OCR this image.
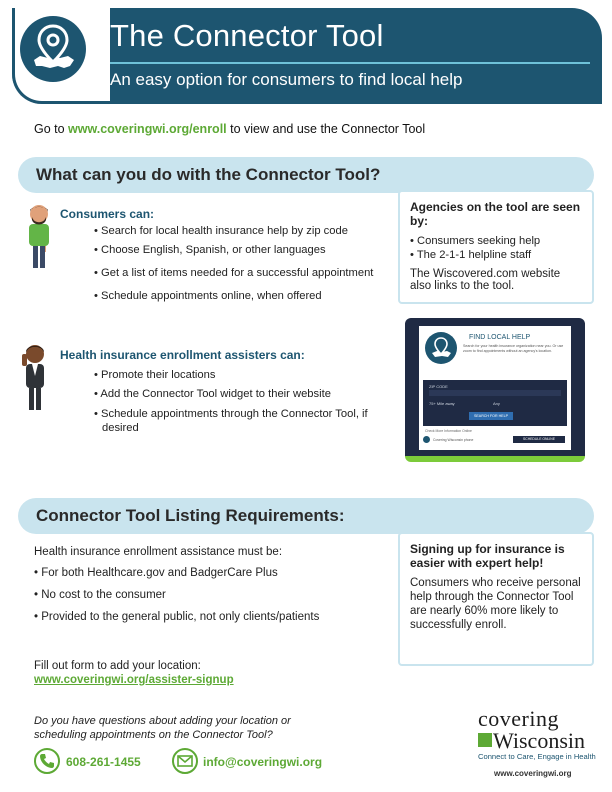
The Connector Tool
An easy option for consumers to find local help
Go to www.coveringwi.org/enroll to view and use the Connector Tool
What can you do with the Connector Tool?
Consumers can:
• Search for local health insurance help by zip code
• Choose English, Spanish, or other languages
• Get a list of items needed for a successful appointment
• Schedule appointments online, when offered
Health insurance enrollment assisters can:
• Promote their locations
• Add the Connector Tool widget to their website
• Schedule appointments through the Connector Tool, if desired
Agencies on the tool are seen by:
• Consumers seeking help
• The 2-1-1 helpline staff
The Wiscovered.com website also links to the tool.
FIND LOCAL HELP
Search for your health insurance organization near you. Or use zoom to find appointments without an agency's location.
ZIP CODE
75+ Mile away	Any
SEARCH FOR HELP
Check More Information Online
Covering Wisconsin phone	SCHEDULE ONLINE
Connector Tool Listing Requirements:
Health insurance enrollment assistance must be:
• For both Healthcare.gov and BadgerCare Plus
• No cost to the consumer
• Provided to the general public, not only clients/patients
Fill out form to add your location:
www.coveringwi.org/assister-signup
Signing up for insurance is easier with expert help!
Consumers who receive personal help through the Connector Tool are nearly 60% more likely to successfully enroll.
Do you have questions about adding your location or scheduling appointments on the Connector Tool?
608-261-1455	info@coveringwi.org
covering
Wisconsin
Connect to Care, Engage in Health
www.coveringwi.org
